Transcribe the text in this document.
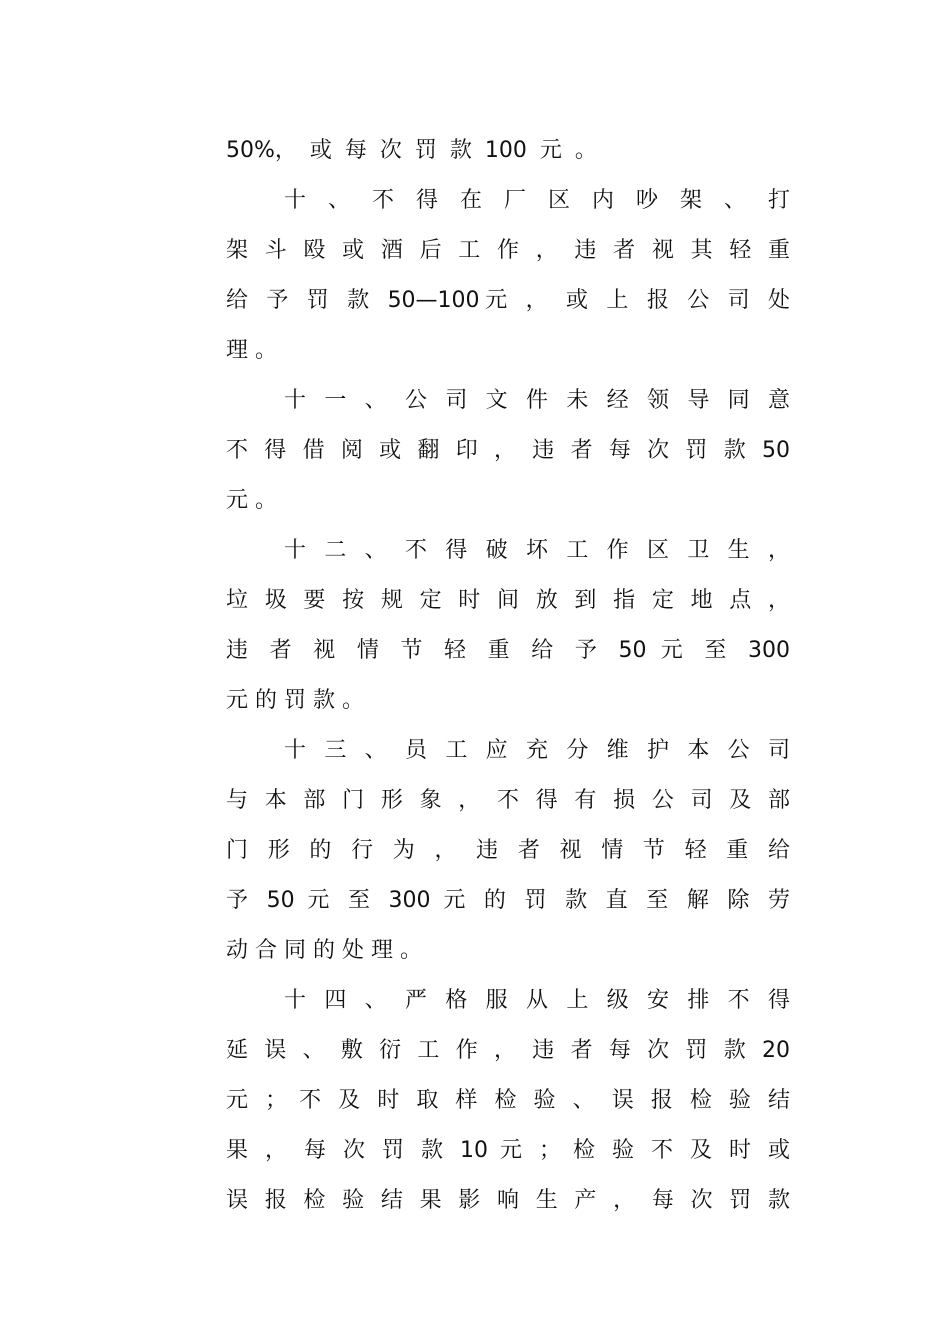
50%， 或 每 次 罚 款 100 元 。
十 、 不 得 在 厂 区 内 吵 架 、 打
架 斗 殴 或 酒 后 工 作 ， 违 者 视 其 轻 重
给 予 罚 款 50—100元 ， 或 上 报 公 司 处
理 。
十 一 、 公 司 文 件 未 经 领 导 同 意
不 得 借 阅 或 翻 印 ， 违 者 每 次 罚 款 50
元 。
十 二 、 不 得 破 坏 工 作 区 卫 生 ，
垃 圾 要 按 规 定 时 间 放 到 指 定 地 点 ，
违 者 视 情 节 轻 重 给 予 50 元 至 300
元 的 罚 款 。
十 三 、 员 工 应 充 分 维 护 本 公 司
与 本 部 门 形 象 ， 不 得 有 损 公 司 及 部
门 形 的 行 为 ， 违 者 视 情 节 轻 重 给
予 50 元 至 300 元 的 罚 款 直 至 解 除 劳
动 合 同 的 处 理 。
十 四 、 严 格 服 从 上 级 安 排 不 得
延 误 、 敷 衍 工 作 ， 违 者 每 次 罚 款 20
元 ； 不 及 时 取 样 检 验 、 误 报 检 验 结
果 ， 每 次 罚 款 10 元 ； 检 验 不 及 时 或
误 报 检 验 结 果 影 响 生 产 ， 每 次 罚 款
